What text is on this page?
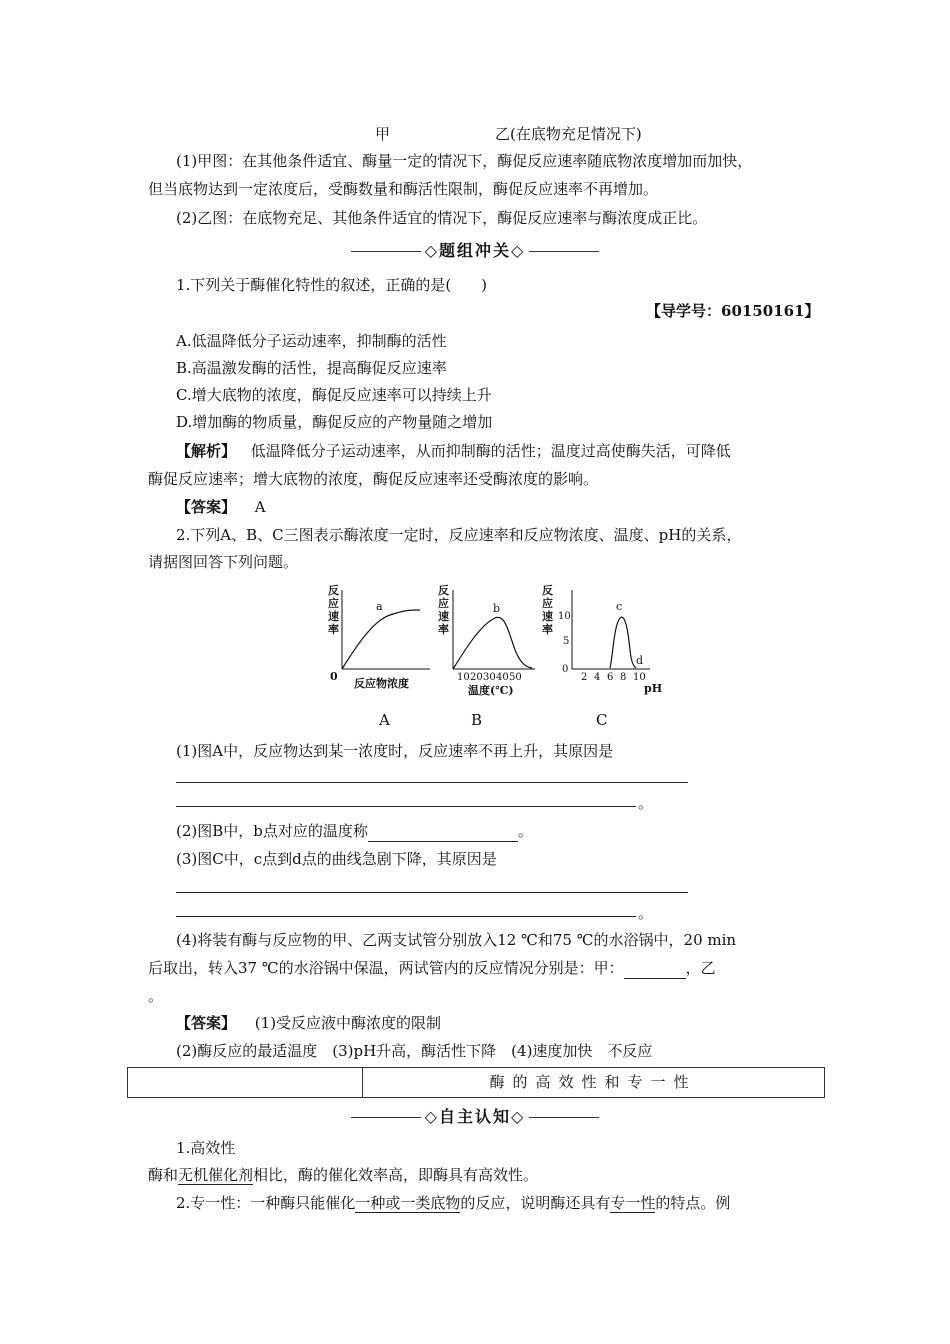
甲	乙(在底物充足情况下)
(1)甲图：在其他条件适宜、酶量一定的情况下，酶促反应速率随底物浓度增加而加快，
但当底物达到一定浓度后，受酶数量和酶活性限制，酶促反应速率不再增加。
(2)乙图：在底物充足、其他条件适宜的情况下，酶促反应速率与酶浓度成正比。
◇题组冲关◇
1.下列关于酶催化特性的叙述，正确的是(　　)
【导学号：60150161】
A.低温降低分子运动速率，抑制酶的活性
B.高温激发酶的活性，提高酶促反应速率
C.增大底物的浓度，酶促反应速率可以持续上升
D.增加酶的物质量，酶促反应的产物量随之增加
【解析】 低温降低分子运动速率，从而抑制酶的活性；温度过高使酶失活，可降低
酶促反应速率；增大底物的浓度，酶促反应速率还受酶浓度的影响。
【答案】 A
2.下列A、B、C三图表示酶浓度一定时，反应速率和反应物浓度、温度、pH的关系，
请据图回答下列问题。
反
应
速
率
a
0
反应物浓度
反
应
速
率
b
10 20 30 40 50
温度(℃)
反
应
速
率
10
5
0
c
d
2 4 6 8 10
pH
A	B	C
(1)图A中，反应物达到某一浓度时，反应速率不再上升，其原因是
。
(2)图B中，b点对应的温度称	。
(3)图C中，c点到d点的曲线急剧下降，其原因是
。
(4)将装有酶与反应物的甲、乙两支试管分别放入12 ℃和75 ℃的水浴锅中，20 min
后取出，转入37 ℃的水浴锅中保温，两试管内的反应情况分别是：甲：	，乙
。
【答案】 (1)受反应液中酶浓度的限制
(2)酶反应的最适温度　(3)pH升高，酶活性下降　(4)速度加快　不反应
酶的高效性和专一性
◇自主认知◇
1.高效性
酶和无机催化剂相比，酶的催化效率高，即酶具有高效性。
2.专一性：一种酶只能催化一种或一类底物的反应，说明酶还具有专一性的特点。例
